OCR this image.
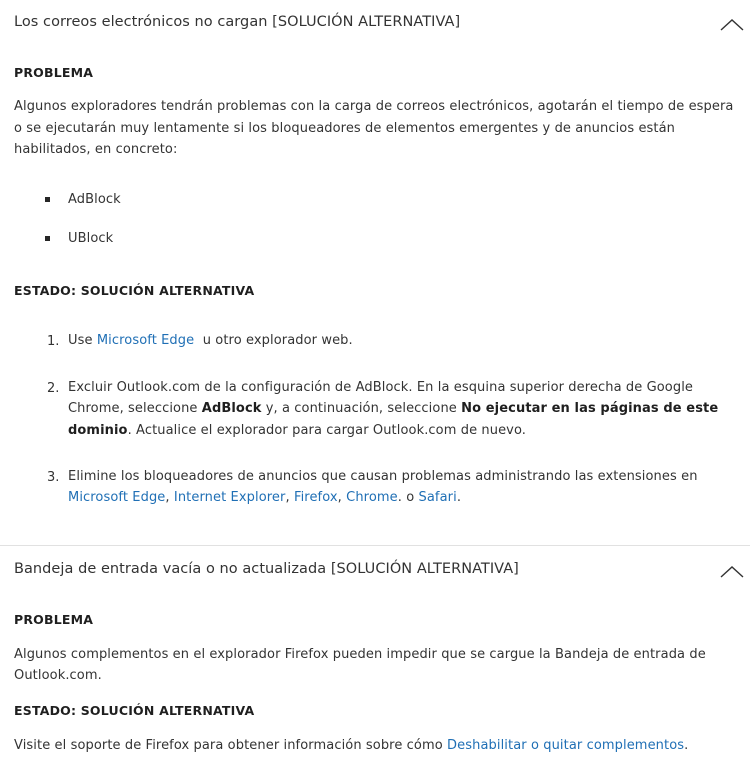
Los correos electrónicos no cargan [SOLUCIÓN ALTERNATIVA]
PROBLEMA
Algunos exploradores tendrán problemas con la carga de correos electrónicos, agotarán el tiempo de espera
o se ejecutarán muy lentamente si los bloqueadores de elementos emergentes y de anuncios están
habilitados, en concreto:
AdBlock
UBlock
ESTADO: SOLUCIÓN ALTERNATIVA
1. Use Microsoft Edge  u otro explorador web.
2. Excluir Outlook.com de la configuración de AdBlock. En la esquina superior derecha de Google
Chrome, seleccione AdBlock y, a continuación, seleccione No ejecutar en las páginas de este
dominio. Actualice el explorador para cargar Outlook.com de nuevo.
3. Elimine los bloqueadores de anuncios que causan problemas administrando las extensiones en
Microsoft Edge, Internet Explorer, Firefox, Chrome. o Safari.
Bandeja de entrada vacía o no actualizada [SOLUCIÓN ALTERNATIVA]
PROBLEMA
Algunos complementos en el explorador Firefox pueden impedir que se cargue la Bandeja de entrada de
Outlook.com.
ESTADO: SOLUCIÓN ALTERNATIVA
Visite el soporte de Firefox para obtener información sobre cómo Deshabilitar o quitar complementos.
